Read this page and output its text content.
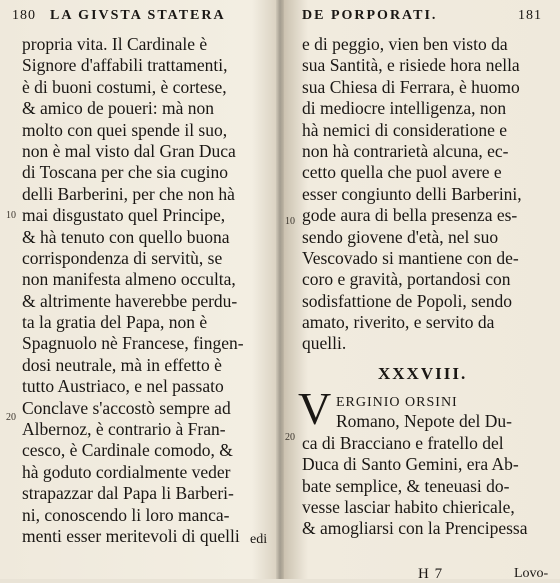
180 LA GIVSTA STATERA
propria vita. Il Cardinale è
Signore d'affabili trattamenti,
è di buoni costumi, è cortese,
& amico de poueri: mà non
molto con quei spende il suo,
non è mal visto dal Gran Duca
di Toscana per che sia cugino
delli Barberini, per che non hà
mai disgustato quel Principe,
& hà tenuto con quello buona
corrispondenza di servitù, se
non manifesta almeno occulta,
& altrimente haverebbe perdu-
ta la gratia del Papa, non è
Spagnuolo nè Francese, fingen-
dosi neutrale, mà in effetto è
tutto Austriaco, e nel passato
Conclave s'accostò sempre ad
Albernoz, è contrario à Fran-
cesco, è Cardinale comodo, &
hà goduto cordialmente veder
strapazzar dal Papa li Barberi-
ni, conoscendo li loro manca-
menti esser meritevoli di quelli
10
20
edi
DE PORPORATI.	181
e di peggio, vien ben visto da
sua Santità, e risiede hora nella
sua Chiesa di Ferrara, è huomo
di mediocre intelligenza, non
hà nemici di consideratione e
non hà contrarietà alcuna, ec-
cetto quella che puol avere e
esser congiunto delli Barberini,
gode aura di bella presenza es-
sendo giovene d'età, nel suo
Vescovado si mantiene con de-
coro e gravità, portandosi con
sodisfattione de Popoli, sendo
amato, riverito, e servito da
quelli.
10
XXXVIII.
V ERGINIO ORSINI
Romano, Nepote del Du-
ca di Bracciano e fratello del
Duca di Santo Gemini, era Ab-
bate semplice, & teneuasi do-
vesse lasciar habito chiericale,
& amogliarsi con la Prencipessa
20
H 7	Lovo-
